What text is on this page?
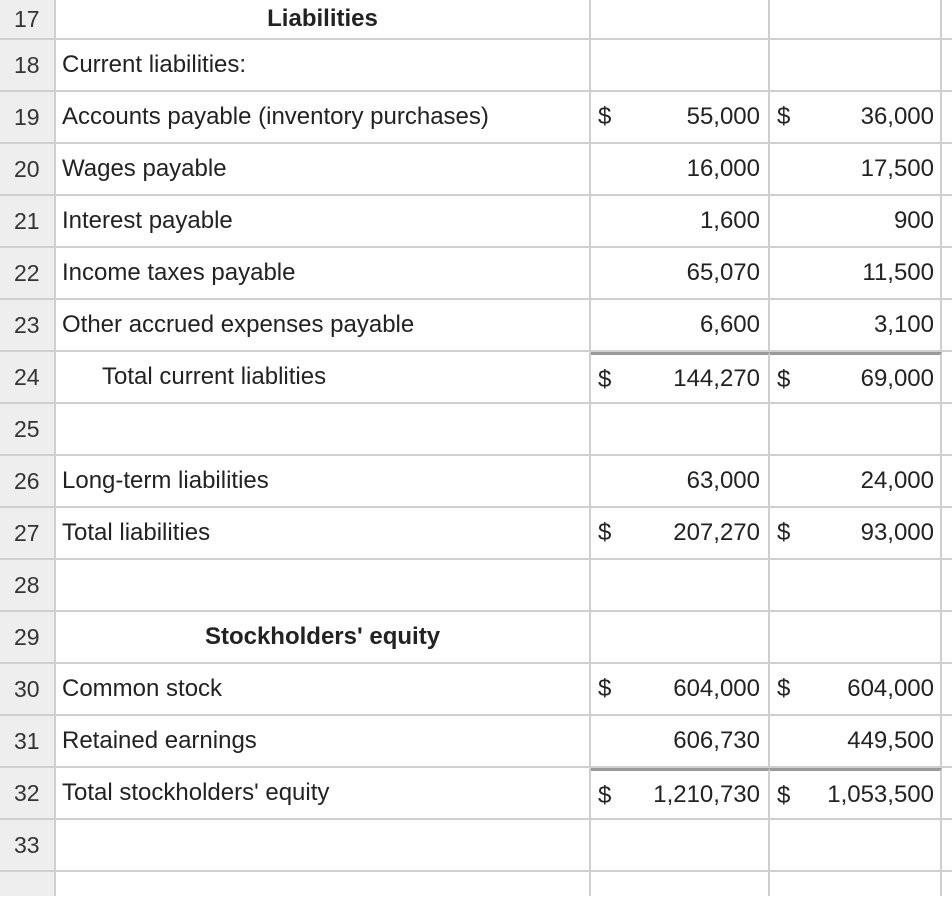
17	Liabilities
18 Current liabilities:
19 Accounts payable (inventory purchases)	$	55,000 $	36,000
20 Wages payable	16,000	17,500
21 Interest payable	1,600	900
22 Income taxes payable	65,070	11,500
23 Other accrued expenses payable	6,600	3,100
24	Total current liablities	$	144,270 $	69,000
25
26 Long-term liabilities	63,000	24,000
27 Total liabilities	$	207,270 $	93,000
28
29	Stockholders' equity
30 Common stock	$	604,000 $ 604,000
31 Retained earnings	606,730	449,500
32 Total stockholders' equity	$ 1,210,730 $ 1,053,500
33
